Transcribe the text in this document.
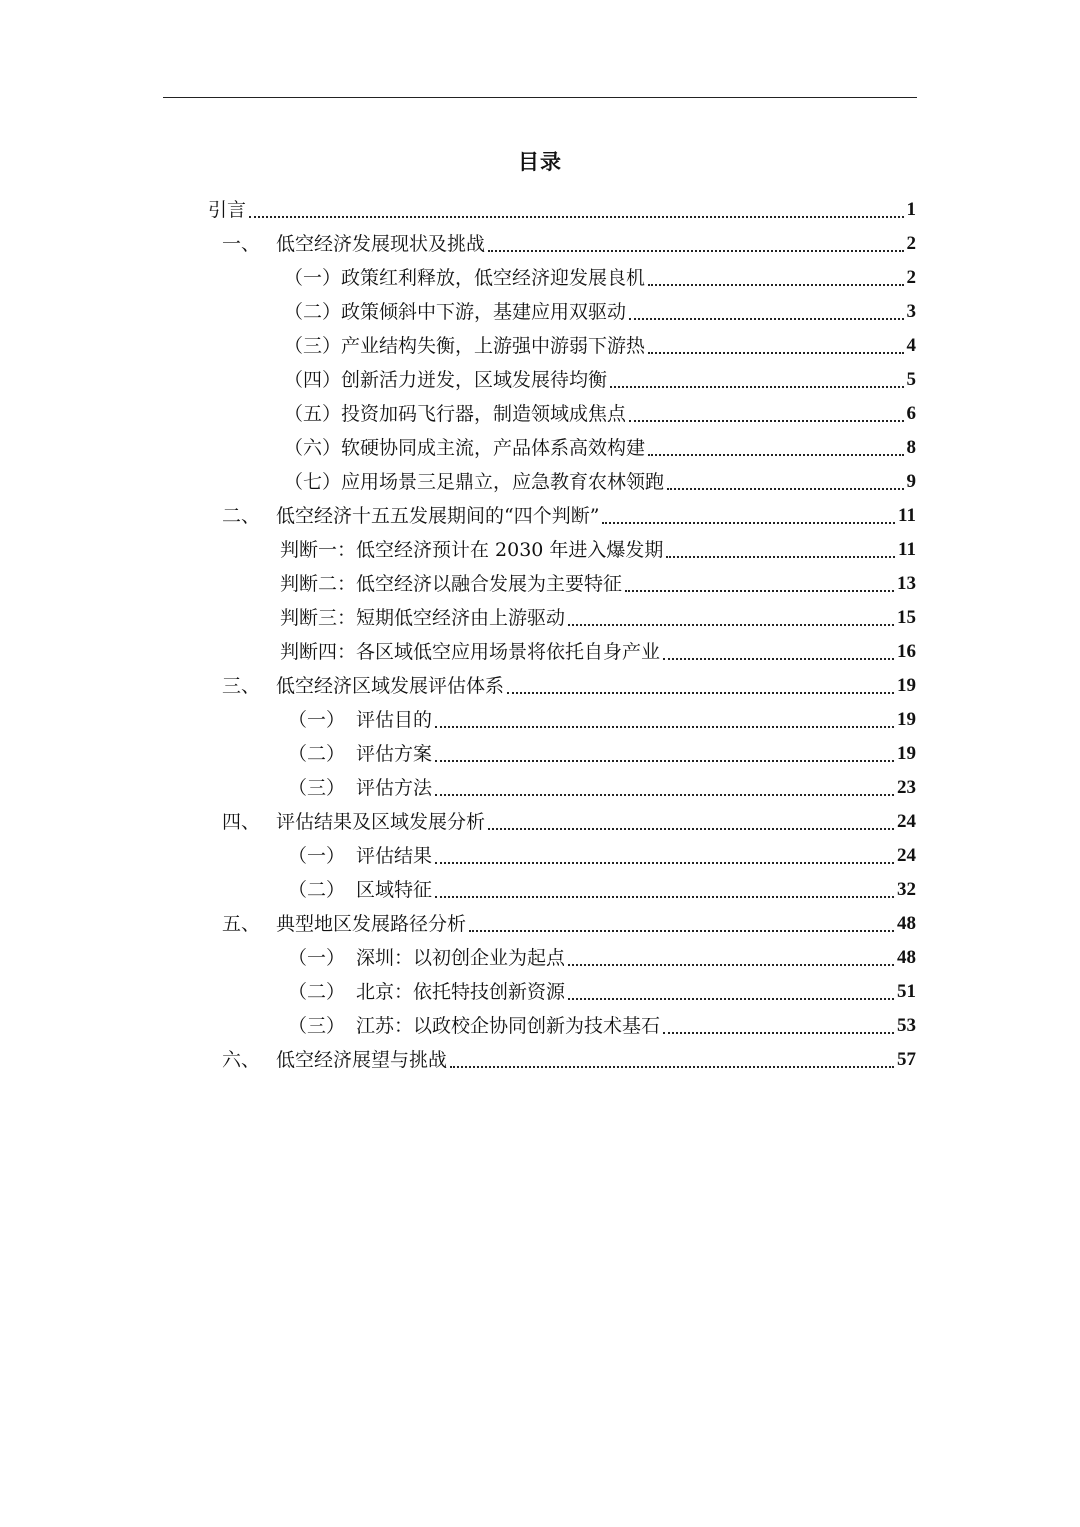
目录
引言	1
一、 低空经济发展现状及挑战	2
（一）政策红利释放，低空经济迎发展良机	2
（二）政策倾斜中下游，基建应用双驱动	3
（三）产业结构失衡，上游强中游弱下游热	4
（四）创新活力迸发，区域发展待均衡	5
（五）投资加码飞行器，制造领域成焦点	6
（六）软硬协同成主流，产品体系高效构建	8
（七）应用场景三足鼎立，应急教育农林领跑	9
二、 低空经济十五五发展期间的“四个判断”	11
判断一：低空经济预计在 2030 年进入爆发期	11
判断二：低空经济以融合发展为主要特征	13
判断三：短期低空经济由上游驱动	15
判断四：各区域低空应用场景将依托自身产业	16
三、 低空经济区域发展评估体系	19
（一） 评估目的	19
（二） 评估方案	19
（三） 评估方法	23
四、 评估结果及区域发展分析	24
（一） 评估结果	24
（二） 区域特征	32
五、 典型地区发展路径分析	48
（一） 深圳：以初创企业为起点	48
（二） 北京：依托特技创新资源	51
（三） 江苏：以政校企协同创新为技术基石	53
六、 低空经济展望与挑战	57
